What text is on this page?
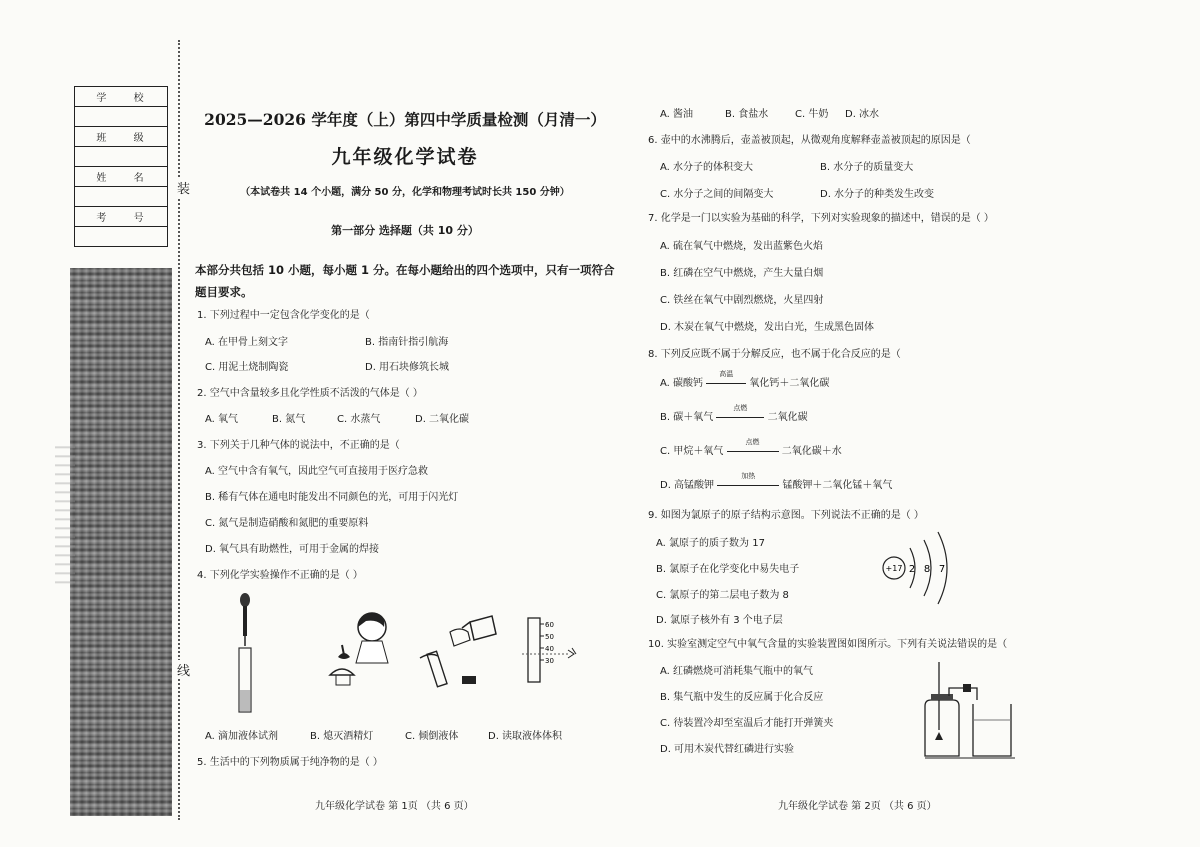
学 校

班 级

姓 名

考 号

装
线
2025—2026 学年度（上）第四中学质量检测（月清一）
九年级化学试卷
（本试卷共 14 个小题，满分 50 分，化学和物理考试时长共 150 分钟）
第一部分 选择题（共 10 分）
本部分共包括 10 小题，每小题 1 分。在每小题给出的四个选项中，只有一项符合题目要求。
1. 下列过程中一定包含化学变化的是（
A. 在甲骨上刻文字	B. 指南针指引航海
C. 用泥土烧制陶瓷	D. 用石块修筑长城
2. 空气中含量较多且化学性质不活泼的气体是（ ）
A. 氧气	B. 氮气	C. 水蒸气	D. 二氧化碳
3. 下列关于几种气体的说法中，不正确的是（
A. 空气中含有氧气，因此空气可直接用于医疗急救
B. 稀有气体在通电时能发出不同颜色的光，可用于闪光灯
C. 氮气是制造硝酸和氮肥的重要原料
D. 氧气具有助燃性，可用于金属的焊接
4. 下列化学实验操作不正确的是（ ）
60
50
40
30
A. 滴加液体试剂	B. 熄灭酒精灯	C. 倾倒液体	D. 读取液体体积
5. 生活中的下列物质属于纯净物的是（ ）
九年级化学试卷 第 1页 （共 6 页）
A. 酱油	B. 食盐水	C. 牛奶 D. 冰水
6. 壶中的水沸腾后，壶盖被顶起，从微观角度解释壶盖被顶起的原因是（
A. 水分子的体积变大	B. 水分子的质量变大
C. 水分子之间的间隔变大	D. 水分子的种类发生改变
7. 化学是一门以实验为基础的科学，下列对实验现象的描述中，错误的是（ ）
A. 硫在氧气中燃烧，发出蓝紫色火焰
B. 红磷在空气中燃烧，产生大量白烟
C. 铁丝在氧气中剧烈燃烧，火星四射
D. 木炭在氧气中燃烧，发出白光，生成黑色固体
8. 下列反应既不属于分解反应，也不属于化合反应的是（
A. 碳酸钙
高温
氧化钙＋二氧化碳
B. 碳＋氧气
点燃
二氧化碳
C. 甲烷＋氧气
点燃
二氧化碳＋水
D. 高锰酸钾
加热
锰酸钾＋二氧化锰＋氧气
9. 如图为氯原子的原子结构示意图。下列说法不正确的是（ ）
A. 氯原子的质子数为 17
B. 氯原子在化学变化中易失电子
C. 氯原子的第二层电子数为 8
D. 氯原子核外有 3 个电子层
+17 2 8 7
10. 实验室测定空气中氧气含量的实验装置图如图所示。下列有关说法错误的是（
A. 红磷燃烧可消耗集气瓶中的氧气
B. 集气瓶中发生的反应属于化合反应
C. 待装置冷却至室温后才能打开弹簧夹
D. 可用木炭代替红磷进行实验
九年级化学试卷 第 2页 （共 6 页）
